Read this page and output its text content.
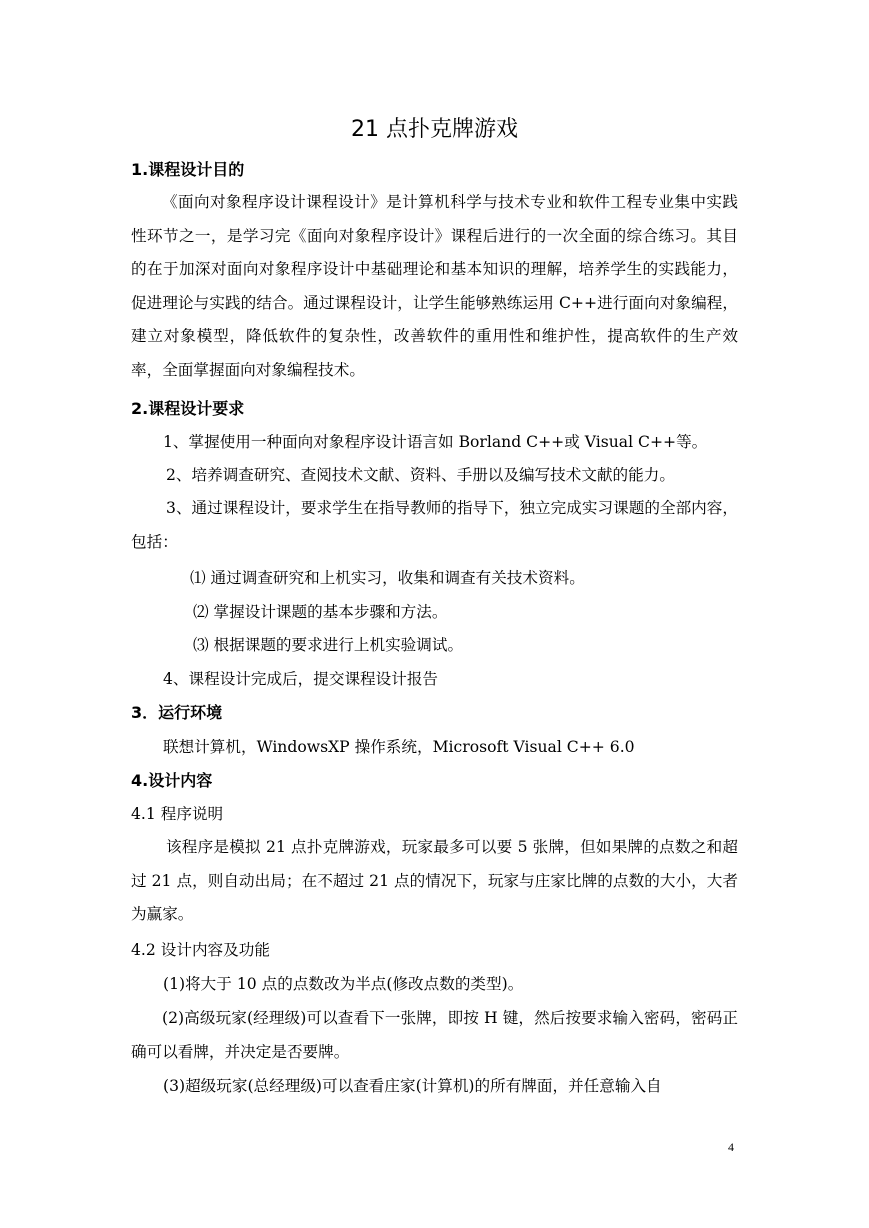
21 点扑克牌游戏
1.课程设计目的
《面向对象程序设计课程设计》是计算机科学与技术专业和软件工程专业集中实践性环节之一，是学习完《面向对象程序设计》课程后进行的一次全面的综合练习。其目的在于加深对面向对象程序设计中基础理论和基本知识的理解，培养学生的实践能力，促进理论与实践的结合。通过课程设计，让学生能够熟练运用 C++进行面向对象编程，建立对象模型，降低软件的复杂性，改善软件的重用性和维护性，提高软件的生产效率，全面掌握面向对象编程技术。
2.课程设计要求
1、掌握使用一种面向对象程序设计语言如 Borland C++或 Visual C++等。
2、培养调查研究、查阅技术文献、资料、手册以及编写技术文献的能力。
3、通过课程设计，要求学生在指导教师的指导下，独立完成实习课题的全部内容，包括：
⑴ 通过调查研究和上机实习，收集和调查有关技术资料。
⑵ 掌握设计课题的基本步骤和方法。
⑶ 根据课题的要求进行上机实验调试。
4、课程设计完成后，提交课程设计报告
3．运行环境
联想计算机，WindowsXP 操作系统，Microsoft Visual C++ 6.0
4.设计内容
4.1 程序说明
该程序是模拟 21 点扑克牌游戏，玩家最多可以要 5 张牌，但如果牌的点数之和超过 21 点，则自动出局；在不超过 21 点的情况下，玩家与庄家比牌的点数的大小，大者为赢家。
4.2 设计内容及功能
(1)将大于 10 点的点数改为半点(修改点数的类型)。
(2)高级玩家(经理级)可以查看下一张牌，即按 H 键，然后按要求输入密码，密码正确可以看牌，并决定是否要牌。
(3)超级玩家(总经理级)可以查看庄家(计算机)的所有牌面，并任意输入自
4
